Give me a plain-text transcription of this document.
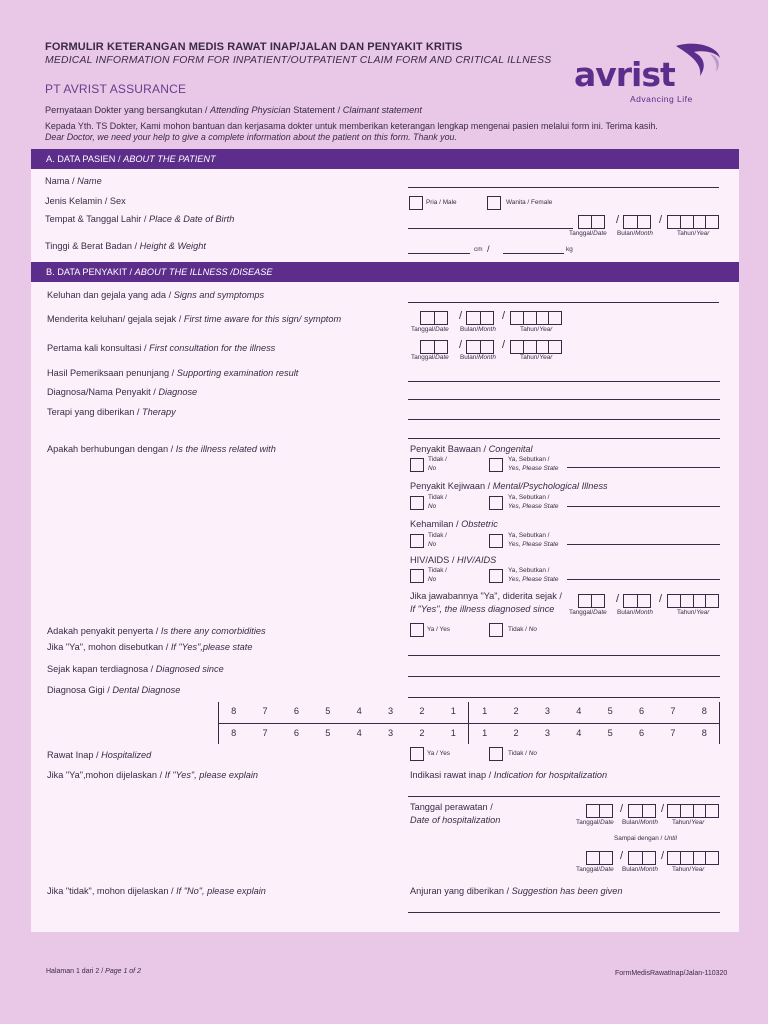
FORMULIR KETERANGAN MEDIS RAWAT INAP/JALAN DAN PENYAKIT KRITIS
MEDICAL INFORMATION FORM FOR INPATIENT/OUTPATIENT CLAIM FORM AND CRITICAL ILLNESS
PT AVRIST ASSURANCE	avrist
Advancing Life
Pernyataan Dokter yang bersangkutan / Attending Physician Statement / Claimant statement
Kepada Yth. TS Dokter, Kami mohon bantuan dan kerjasama dokter untuk memberikan keterangan lengkap mengenai pasien melalui form ini. Terima kasih.
Dear Doctor, we need your help to give a complete information about the patient on this form. Thank you.
A. DATA PASIEN / ABOUT THE PATIENT
Nama / Name
Jenis Kelamin / Sex	Pria / Male	Wanita / Female
Tempat & Tanggal Lahir / Place & Date of Birth	/	/
Tanggal/Date Bulan/Month	Tahun/Year
Tinggi & Berat Badan / Height & Weight	cm /	kg
B. DATA PENYAKIT / ABOUT THE ILLNESS /DISEASE
Keluhan dan gejala yang ada / Signs and symptomps
Menderita keluhan/ gejala sejak / First time aware for this sign/ symptom	/	/
Tanggal/Date Bulan/Month	Tahun/Year
Pertama kali konsultasi / First consultation for the illness	/	/
Tanggal/Date Bulan/Month	Tahun/Year
Hasil Pemeriksaan penunjang / Supporting examination result
Diagnosa/Nama Penyakit / Diagnose
Terapi yang diberikan / Therapy
Apakah berhubungan dengan / Is the illness related with	Penyakit Bawaan / Congenital
Tidak /
No
Ya, Sebutkan /
Yes, Please State
Penyakit Kejiwaan / Mental/Psychological Illness
Tidak /
No
Ya, Sebutkan /
Yes, Please State
Kehamilan / Obstetric
Tidak /
No
Ya, Sebutkan /
Yes, Please State
HIV/AIDS / HIV/AIDS
Tidak /
No
Ya, Sebutkan /
Yes, Please State
Jika jawabannya "Ya", diderita sejak /
If "Yes", the illness diagnosed since
/	/
Tanggal/Date Bulan/Month	Tahun/Year
Adakah penyakit penyerta / Is there any comorbidities	Ya / Yes	Tidak / No
Jika "Ya", mohon disebutkan / If "Yes",please state
Sejak kapan terdiagnosa / Diagnosed since
Diagnosa Gigi / Dental Diagnose
8	7	6	5	4	3	2	1	1	2	3	4	5	6	7	8
8	7	6	5	4	3	2	1	1	2	3	4	5	6	7	8
Rawat Inap / Hospitalized	Ya / Yes	Tidak / No
Jika "Ya",mohon dijelaskan / If "Yes", please explain	Indikasi rawat inap / Indication for hospitalization
Tanggal perawatan /
Date of hospitalization
/	/
Tanggal/Date Bulan/Month Tahun/Year
Sampai dengan / Until
/	/
Tanggal/Date Bulan/Month Tahun/Year
Jika "tidak", mohon dijelaskan / If "No", please explain	Anjuran yang diberikan / Suggestion has been given
Halaman 1 dari 2 / Page 1 of 2	FormMedisRawatInap/Jalan-110320
